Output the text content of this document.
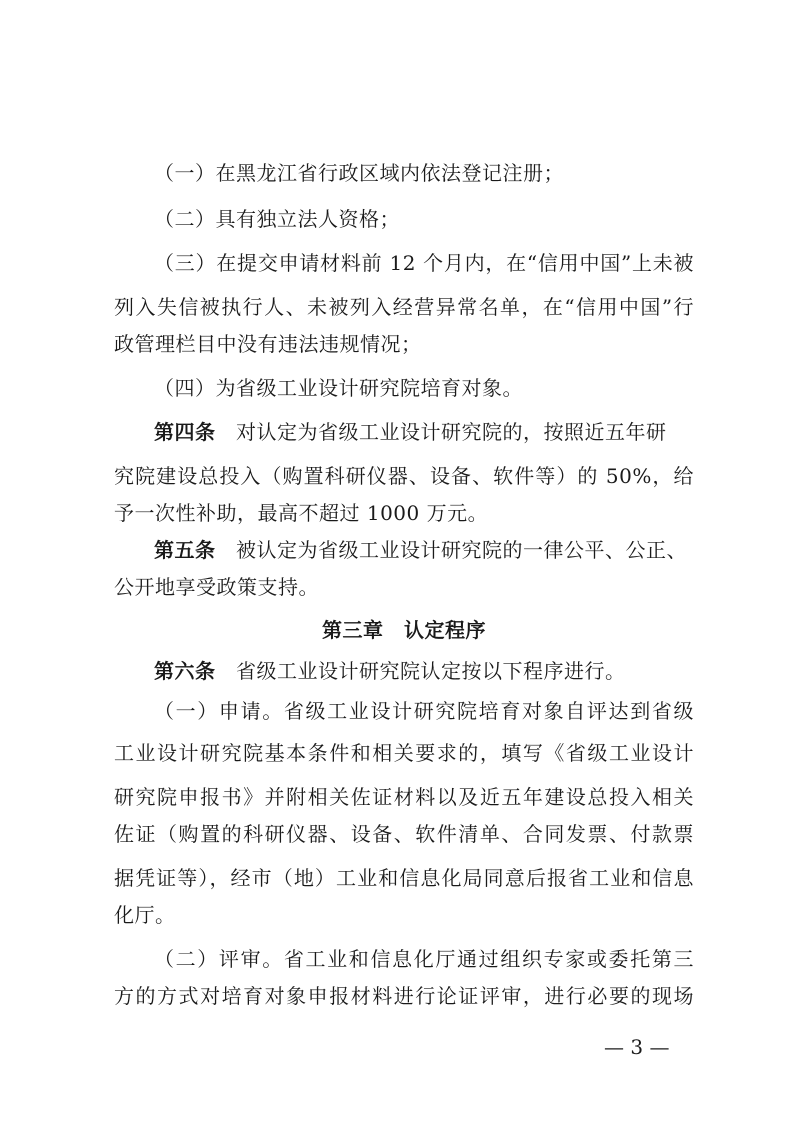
（一）在黑龙江省行政区域内依法登记注册；
（二）具有独立法人资格；
（三）在提交申请材料前 12 个月内，在“信用中国”上未被
列入失信被执行人、未被列入经营异常名单，在“信用中国”行
政管理栏目中没有违法违规情况；
（四）为省级工业设计研究院培育对象。
第四条　 对认定为省级工业设计研究院的，按照近五年研
究院建设总投入（购置科研仪器、设备、软件等）的 50%，给
予一次性补助，最高不超过 1000 万元。
第五条　 被认定为省级工业设计研究院的一律公平、公正、
公开地享受政策支持。
第三章　认定程序
第六条　 省级工业设计研究院认定按以下程序进行。
（一）申请。省级工业设计研究院培育对象自评达到省级
工业设计研究院基本条件和相关要求的，填写《省级工业设计
研究院申报书》并附相关佐证材料以及近五年建设总投入相关
佐证（购置的科研仪器、设备、软件清单、合同发票、付款票
据凭证等），经市（地）工业和信息化局同意后报省工业和信息
化厅。
（二）评审。省工业和信息化厅通过组织专家或委托第三
方的方式对培育对象申报材料进行论证评审，进行必要的现场
— 3 —
